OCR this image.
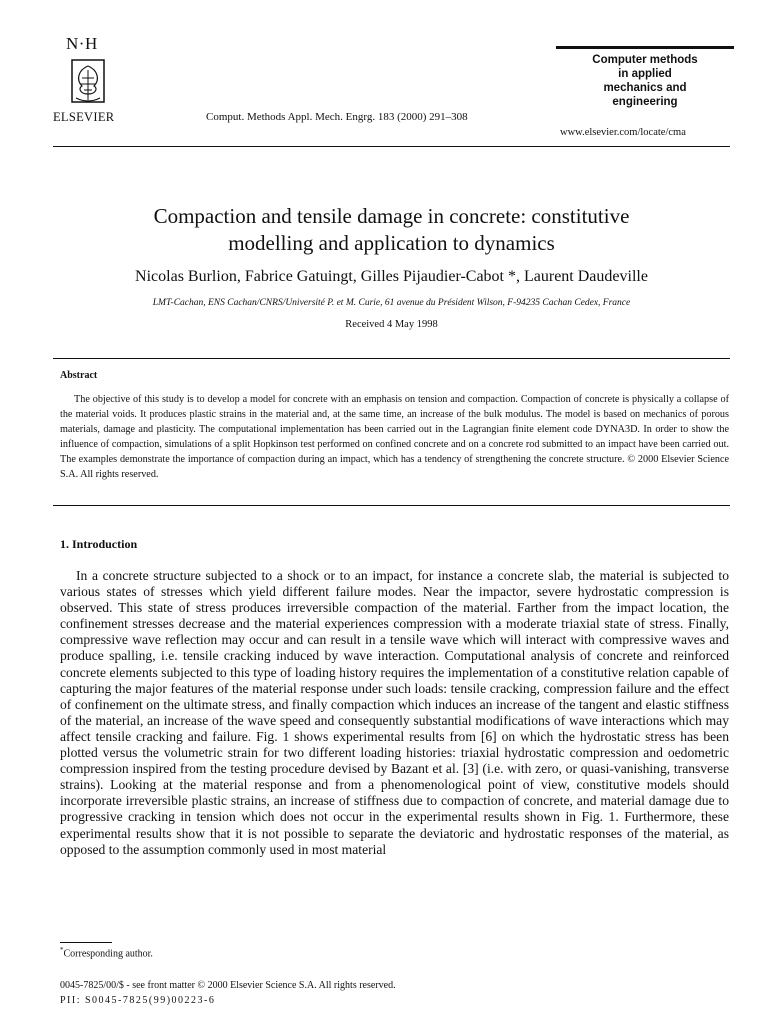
N·H
ELSEVIER	Comput. Methods Appl. Mech. Engrg. 183 (2000) 291–308
Computer methods
in applied
mechanics and
engineering
www.elsevier.com/locate/cma
Compaction and tensile damage in concrete: constitutive
modelling and application to dynamics
Nicolas Burlion, Fabrice Gatuingt, Gilles Pijaudier-Cabot *, Laurent Daudeville
LMT-Cachan, ENS Cachan/CNRS/Université P. et M. Curie, 61 avenue du Président Wilson, F-94235 Cachan Cedex, France
Received 4 May 1998
Abstract
The objective of this study is to develop a model for concrete with an emphasis on tension and compaction. Compaction of concrete is physically a collapse of the material voids. It produces plastic strains in the material and, at the same time, an increase of the bulk modulus. The model is based on mechanics of porous materials, damage and plasticity. The computational implementation has been carried out in the Lagrangian finite element code DYNA3D. In order to show the influence of compaction, simulations of a split Hopkinson test performed on confined concrete and on a concrete rod submitted to an impact have been carried out. The examples demonstrate the importance of compaction during an impact, which has a tendency of strengthening the concrete structure. © 2000 Elsevier Science S.A. All rights reserved.
1. Introduction
In a concrete structure subjected to a shock or to an impact, for instance a concrete slab, the material is subjected to various states of stresses which yield different failure modes. Near the impactor, severe hydrostatic compression is observed. This state of stress produces irreversible compaction of the material. Farther from the impact location, the confinement stresses decrease and the material experiences compression with a moderate triaxial state of stress. Finally, compressive wave reflection may occur and can result in a tensile wave which will interact with compressive waves and produce spalling, i.e. tensile cracking induced by wave interaction. Computational analysis of concrete and reinforced concrete elements subjected to this type of loading history requires the implementation of a constitutive relation capable of capturing the major features of the material response under such loads: tensile cracking, compression failure and the effect of confinement on the ultimate stress, and finally compaction which induces an increase of the tangent and elastic stiffness of the material, an increase of the wave speed and consequently substantial modifications of wave interactions which may affect tensile cracking and failure. Fig. 1 shows experimental results from [6] on which the hydrostatic stress has been plotted versus the volumetric strain for two different loading histories: triaxial hydrostatic compression and oedometric compression inspired from the testing procedure devised by Bazant et al. [3] (i.e. with zero, or quasi-vanishing, transverse strains). Looking at the material response and from a phenomenological point of view, constitutive models should incorporate irreversible plastic strains, an increase of stiffness due to compaction of concrete, and material damage due to progressive cracking in tension which does not occur in the experimental results shown in Fig. 1. Furthermore, these experimental results show that it is not possible to separate the deviatoric and hydrostatic responses of the material, as opposed to the assumption commonly used in most material
*Corresponding author.
0045-7825/00/$ - see front matter © 2000 Elsevier Science S.A. All rights reserved.
PII: S0045-7825(99)00223-6
